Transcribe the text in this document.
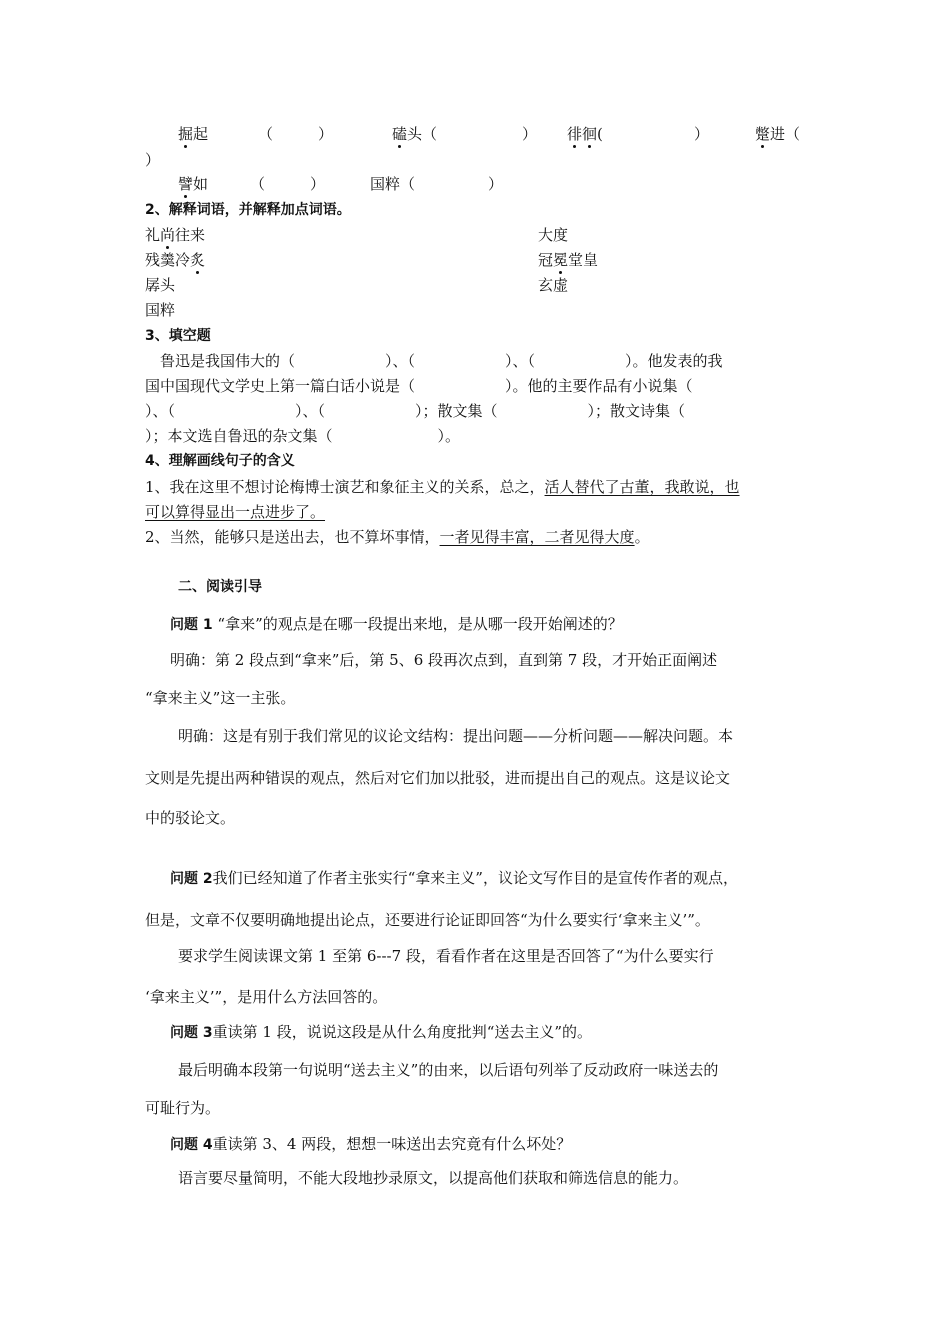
掘起	（　　　）	磕头（	） 徘徊(	）	蹩进（
）
譬如	（　　　）	国粹（	）
2、解释词语，并解释加点词语。
礼尚往来	大度
残羹冷炙	冠冕堂皇
孱头	玄虚
国粹
3、填空题
　鲁迅是我国伟大的（　　　　　　）、（　　　　　　）、（　　　　　　）。他发表的我
国中国现代文学史上第一篇白话小说是（　　　　　　）。他的主要作品有小说集（
）、（　　　　　　　　）、（　　　　　　）；散文集（　　　　　　）；散文诗集（
）；本文选自鲁迅的杂文集（　　　　　　　）。
4、理解画线句子的含义
1、我在这里不想讨论梅博士演艺和象征主义的关系，总之，活人替代了古董，我敢说，也
可以算得显出一点进步了。
2、当然，能够只是送出去，也不算坏事情，一者见得丰富，二者见得大度。
二、阅读引导
问题 1 “拿来”的观点是在哪一段提出来地，是从哪一段开始阐述的？
明确：第 2 段点到“拿来”后，第 5、6 段再次点到，直到第 7 段，才开始正面阐述
“拿来主义”这一主张。
明确：这是有别于我们常见的议论文结构：提出问题——分析问题——解决问题。本
文则是先提出两种错误的观点，然后对它们加以批驳，进而提出自己的观点。这是议论文
中的驳论文。
问题 2我们已经知道了作者主张实行“拿来主义”，议论文写作目的是宣传作者的观点，
但是，文章不仅要明确地提出论点，还要进行论证即回答“为什么要实行‘拿来主义’”。
要求学生阅读课文第 1 至第 6---7 段，看看作者在这里是否回答了“为什么要实行
‘拿来主义’”，是用什么方法回答的。
问题 3重读第 1 段，说说这段是从什么角度批判“送去主义”的。
最后明确本段第一句说明“送去主义”的由来，以后语句列举了反动政府一味送去的
可耻行为。
问题 4重读第 3、4 两段，想想一味送出去究竟有什么坏处？
语言要尽量简明，不能大段地抄录原文，以提高他们获取和筛选信息的能力。
